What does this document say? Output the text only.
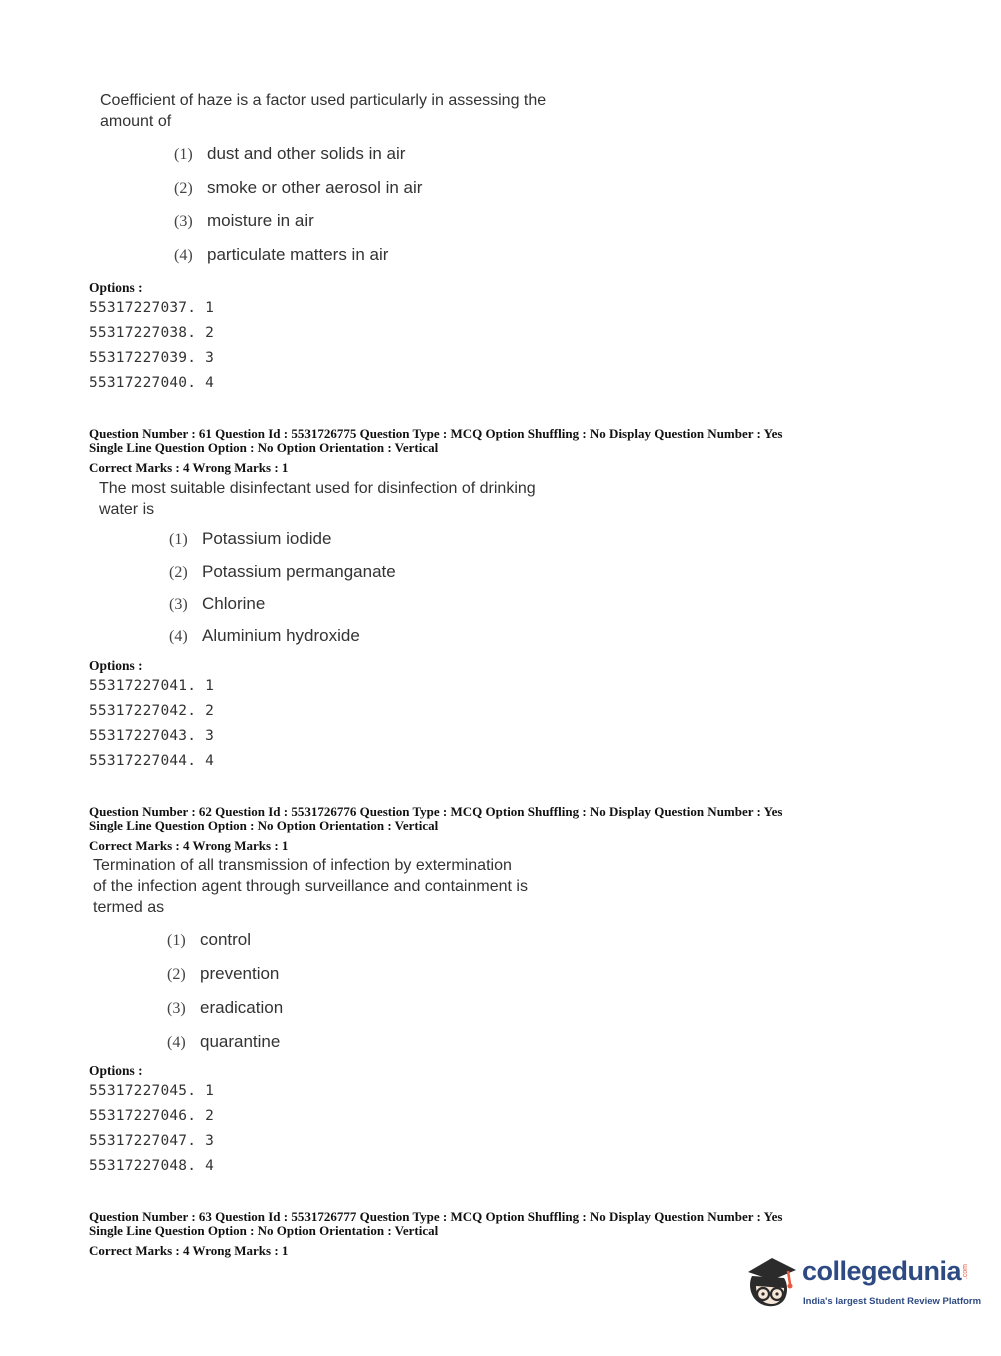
Coefficient of haze is a factor used particularly in assessing the
amount of
(1) dust and other solids in air
(2) smoke or other aerosol in air
(3) moisture in air
(4) particulate matters in air
Options :
55317227037. 1
55317227038. 2
55317227039. 3
55317227040. 4
Question Number : 61 Question Id : 5531726775 Question Type : MCQ Option Shuffling : No Display Question Number : Yes
Single Line Question Option : No Option Orientation : Vertical
Correct Marks : 4 Wrong Marks : 1
The most suitable disinfectant used for disinfection of drinking
water is
(1) Potassium iodide
(2) Potassium permanganate
(3) Chlorine
(4) Aluminium hydroxide
Options :
55317227041. 1
55317227042. 2
55317227043. 3
55317227044. 4
Question Number : 62 Question Id : 5531726776 Question Type : MCQ Option Shuffling : No Display Question Number : Yes
Single Line Question Option : No Option Orientation : Vertical
Correct Marks : 4 Wrong Marks : 1
Termination of all transmission of infection by extermination
of the infection agent through surveillance and containment is
termed as
(1) control
(2) prevention
(3) eradication
(4) quarantine
Options :
55317227045. 1
55317227046. 2
55317227047. 3
55317227048. 4
Question Number : 63 Question Id : 5531726777 Question Type : MCQ Option Shuffling : No Display Question Number : Yes
Single Line Question Option : No Option Orientation : Vertical
Correct Marks : 4 Wrong Marks : 1
collegedunia .com
India's largest Student Review Platform
